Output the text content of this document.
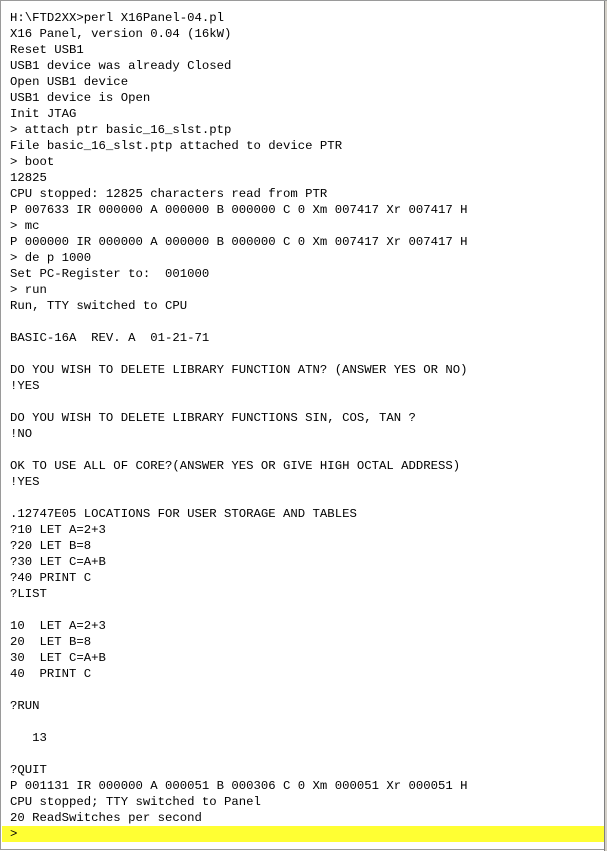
H:\FTD2XX>perl X16Panel-04.pl
X16 Panel, version 0.04 (16kW)
Reset USB1
USB1 device was already Closed
Open USB1 device
USB1 device is Open
Init JTAG
> attach ptr basic_16_slst.ptp
File basic_16_slst.ptp attached to device PTR
> boot
12825
CPU stopped: 12825 characters read from PTR
P 007633 IR 000000 A 000000 B 000000 C 0 Xm 007417 Xr 007417 H
> mc
P 000000 IR 000000 A 000000 B 000000 C 0 Xm 007417 Xr 007417 H
> de p 1000
Set PC-Register to:  001000
> run
Run, TTY switched to CPU
BASIC-16A  REV. A  01-21-71
DO YOU WISH TO DELETE LIBRARY FUNCTION ATN? (ANSWER YES OR NO)
!YES
DO YOU WISH TO DELETE LIBRARY FUNCTIONS SIN, COS, TAN ?
!NO
OK TO USE ALL OF CORE?(ANSWER YES OR GIVE HIGH OCTAL ADDRESS)
!YES
.12747E05 LOCATIONS FOR USER STORAGE AND TABLES
?10 LET A=2+3
?20 LET B=8
?30 LET C=A+B
?40 PRINT C
?LIST
10  LET A=2+3
20  LET B=8
30  LET C=A+B
40  PRINT C
?RUN
13
?QUIT
P 001131 IR 000000 A 000051 B 000306 C 0 Xm 000051 Xr 000051 H
CPU stopped; TTY switched to Panel
20 ReadSwitches per second
>
